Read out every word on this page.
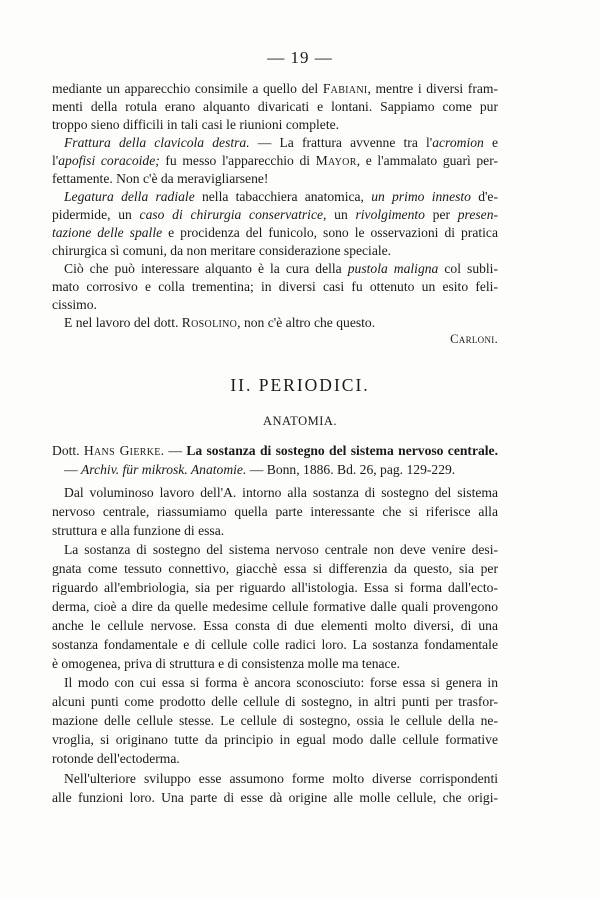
— 19 —
mediante un apparecchio consimile a quello del Fabiani, mentre i diversi fram-
menti della rotula erano alquanto divaricati e lontani. Sappiamo come pur
troppo sieno difficili in tali casi le riunioni complete.
Frattura della clavicola destra. — La frattura avvenne tra l'acromion e
l'apofisi coracoide; fu messo l'apparecchio di Mayor, e l'ammalato guarì per-
fettamente. Non c'è da meravigliarsene!
Legatura della radiale nella tabacchiera anatomica, un primo innesto d'e-
pidermide, un caso di chirurgia conservatrice, un rivolgimento per presen-
tazione delle spalle e procidenza del funicolo, sono le osservazioni di pratica
chirurgica sì comuni, da non meritare considerazione speciale.
Ciò che può interessare alquanto è la cura della pustola maligna col subli-
mato corrosivo e colla trementina; in diversi casi fu ottenuto un esito feli-
cissimo.
E nel lavoro del dott. Rosolino, non c'è altro che questo.
Carloni.
II. PERIODICI.
ANATOMIA.
Dott. Hans Gierke. — La sostanza di sostegno del sistema nervoso centrale.
— Archiv. für mikrosk. Anatomie. — Bonn, 1886. Bd. 26, pag. 129-229.
Dal voluminoso lavoro dell'A. intorno alla sostanza di sostegno del sistema
nervoso centrale, riassumiamo quella parte interessante che si riferisce alla
struttura e alla funzione di essa.
La sostanza di sostegno del sistema nervoso centrale non deve venire desi-
gnata come tessuto connettivo, giacchè essa si differenzia da questo, sia per
riguardo all'embriologia, sia per riguardo all'istologia. Essa si forma dall'ecto-
derma, cioè a dire da quelle medesime cellule formative dalle quali provengono
anche le cellule nervose. Essa consta di due elementi molto diversi, di una
sostanza fondamentale e di cellule colle radici loro. La sostanza fondamentale
è omogenea, priva di struttura e di consistenza molle ma tenace.
Il modo con cui essa si forma è ancora sconosciuto: forse essa si genera in
alcuni punti come prodotto delle cellule di sostegno, in altri punti per trasfor-
mazione delle cellule stesse. Le cellule di sostegno, ossia le cellule della ne-
vroglia, si originano tutte da principio in egual modo dalle cellule formative
rotonde dell'ectoderma.
Nell'ulteriore sviluppo esse assumono forme molto diverse corrispondenti
alle funzioni loro. Una parte di esse dà origine alle molle cellule, che origi-
